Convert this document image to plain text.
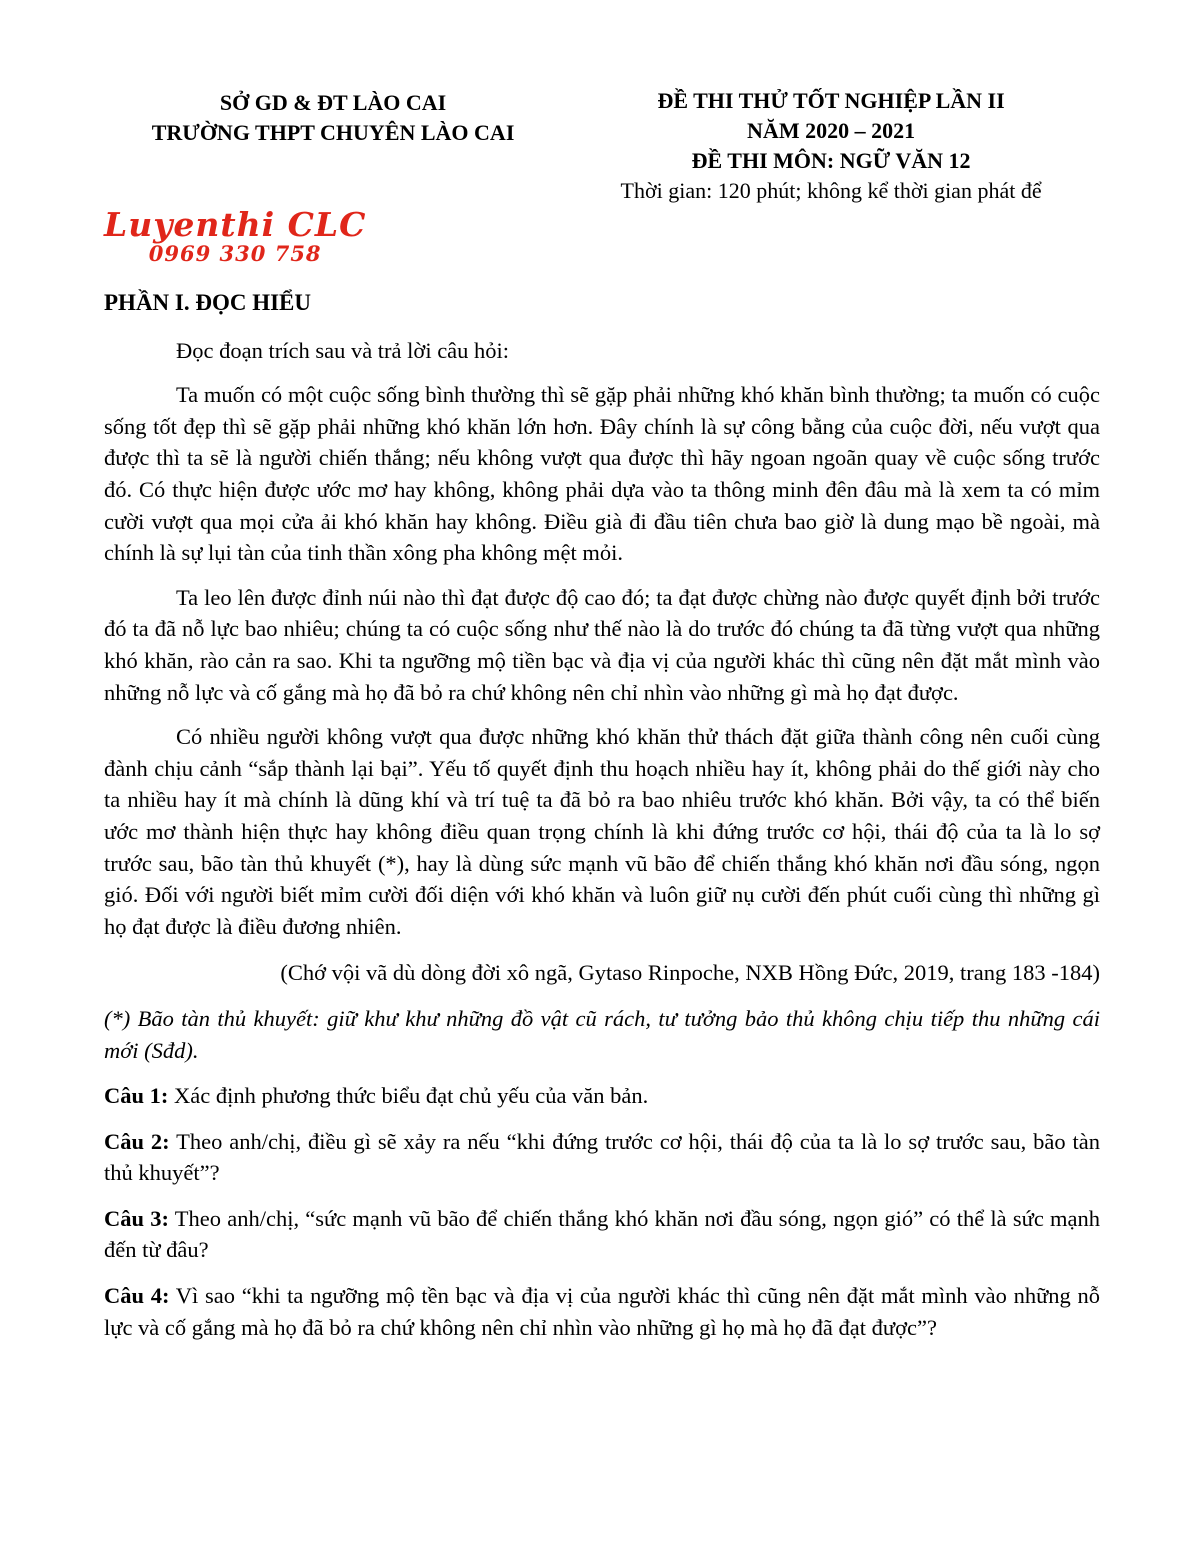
SỞ GD & ĐT LÀO CAI
TRƯỜNG THPT CHUYÊN LÀO CAI
ĐỀ THI THỬ TỐT NGHIỆP LẦN II
NĂM 2020 – 2021
ĐỀ THI MÔN: NGỮ VĂN 12
Thời gian: 120 phút; không kể thời gian phát để
Luyenthi CLC
0969 330 758
PHẦN I. ĐỌC HIỂU

Đọc đoạn trích sau và trả lời câu hỏi:

Ta muốn có một cuộc sống bình thường thì sẽ gặp phải những khó khăn bình thường; ta muốn có cuộc sống tốt đẹp thì sẽ gặp phải những khó khăn lớn hơn. Đây chính là sự công bằng của cuộc đời, nếu vượt qua được thì ta sẽ là người chiến thắng; nếu không vượt qua được thì hãy ngoan ngoãn quay về cuộc sống trước đó. Có thực hiện được ước mơ hay không, không phải dựa vào ta thông minh đên đâu mà là xem ta có mỉm cười vượt qua mọi cửa ải khó khăn hay không. Điều già đi đầu tiên chưa bao giờ là dung mạo bề ngoài, mà chính là sự lụi tàn của tinh thần xông pha không mệt mỏi.

Ta leo lên được đỉnh núi nào thì đạt được độ cao đó; ta đạt được chừng nào được quyết định bởi trước đó ta đã nỗ lực bao nhiêu; chúng ta có cuộc sống như thế nào là do trước đó chúng ta đã từng vượt qua những khó khăn, rào cản ra sao. Khi ta ngưỡng mộ tiền bạc và địa vị của người khác thì cũng nên đặt mắt mình vào những nỗ lực và cố gắng mà họ đã bỏ ra chứ không nên chỉ nhìn vào những gì mà họ đạt được.

Có nhiều người không vượt qua được những khó khăn thử thách đặt giữa thành công nên cuối cùng đành chịu cảnh “sắp thành lại bại”. Yếu tố quyết định thu hoạch nhiều hay ít, không phải do thế giới này cho ta nhiều hay ít mà chính là dũng khí và trí tuệ ta đã bỏ ra bao nhiêu trước khó khăn. Bởi vậy, ta có thể biến ước mơ thành hiện thực hay không điều quan trọng chính là khi đứng trước cơ hội, thái độ của ta là lo sợ trước sau, bão tàn thủ khuyết (*), hay là dùng sức mạnh vũ bão để chiến thắng khó khăn nơi đầu sóng, ngọn gió. Đối với người biết mỉm cười đối diện với khó khăn và luôn giữ nụ cười đến phút cuối cùng thì những gì họ đạt được là điều đương nhiên.

(Chớ vội vã dù dòng đời xô ngã, Gytaso Rinpoche, NXB Hồng Đức, 2019, trang 183 -184)

(*) Bão tàn thủ khuyết: giữ khư khư những đồ vật cũ rách, tư tưởng bảo thủ không chịu tiếp thu những cái mới (Sđd).

Câu 1: Xác định phương thức biểu đạt chủ yếu của văn bản.

Câu 2: Theo anh/chị, điều gì sẽ xảy ra nếu “khi đứng trước cơ hội, thái độ của ta là lo sợ trước sau, bão tàn thủ khuyết”?

Câu 3: Theo anh/chị, “sức mạnh vũ bão để chiến thắng khó khăn nơi đầu sóng, ngọn gió” có thể là sức mạnh đến từ đâu?

Câu 4: Vì sao “khi ta ngưỡng mộ tền bạc và địa vị của người khác thì cũng nên đặt mắt mình vào những nỗ lực và cố gắng mà họ đã bỏ ra chứ không nên chỉ nhìn vào những gì họ mà họ đã đạt được”?
